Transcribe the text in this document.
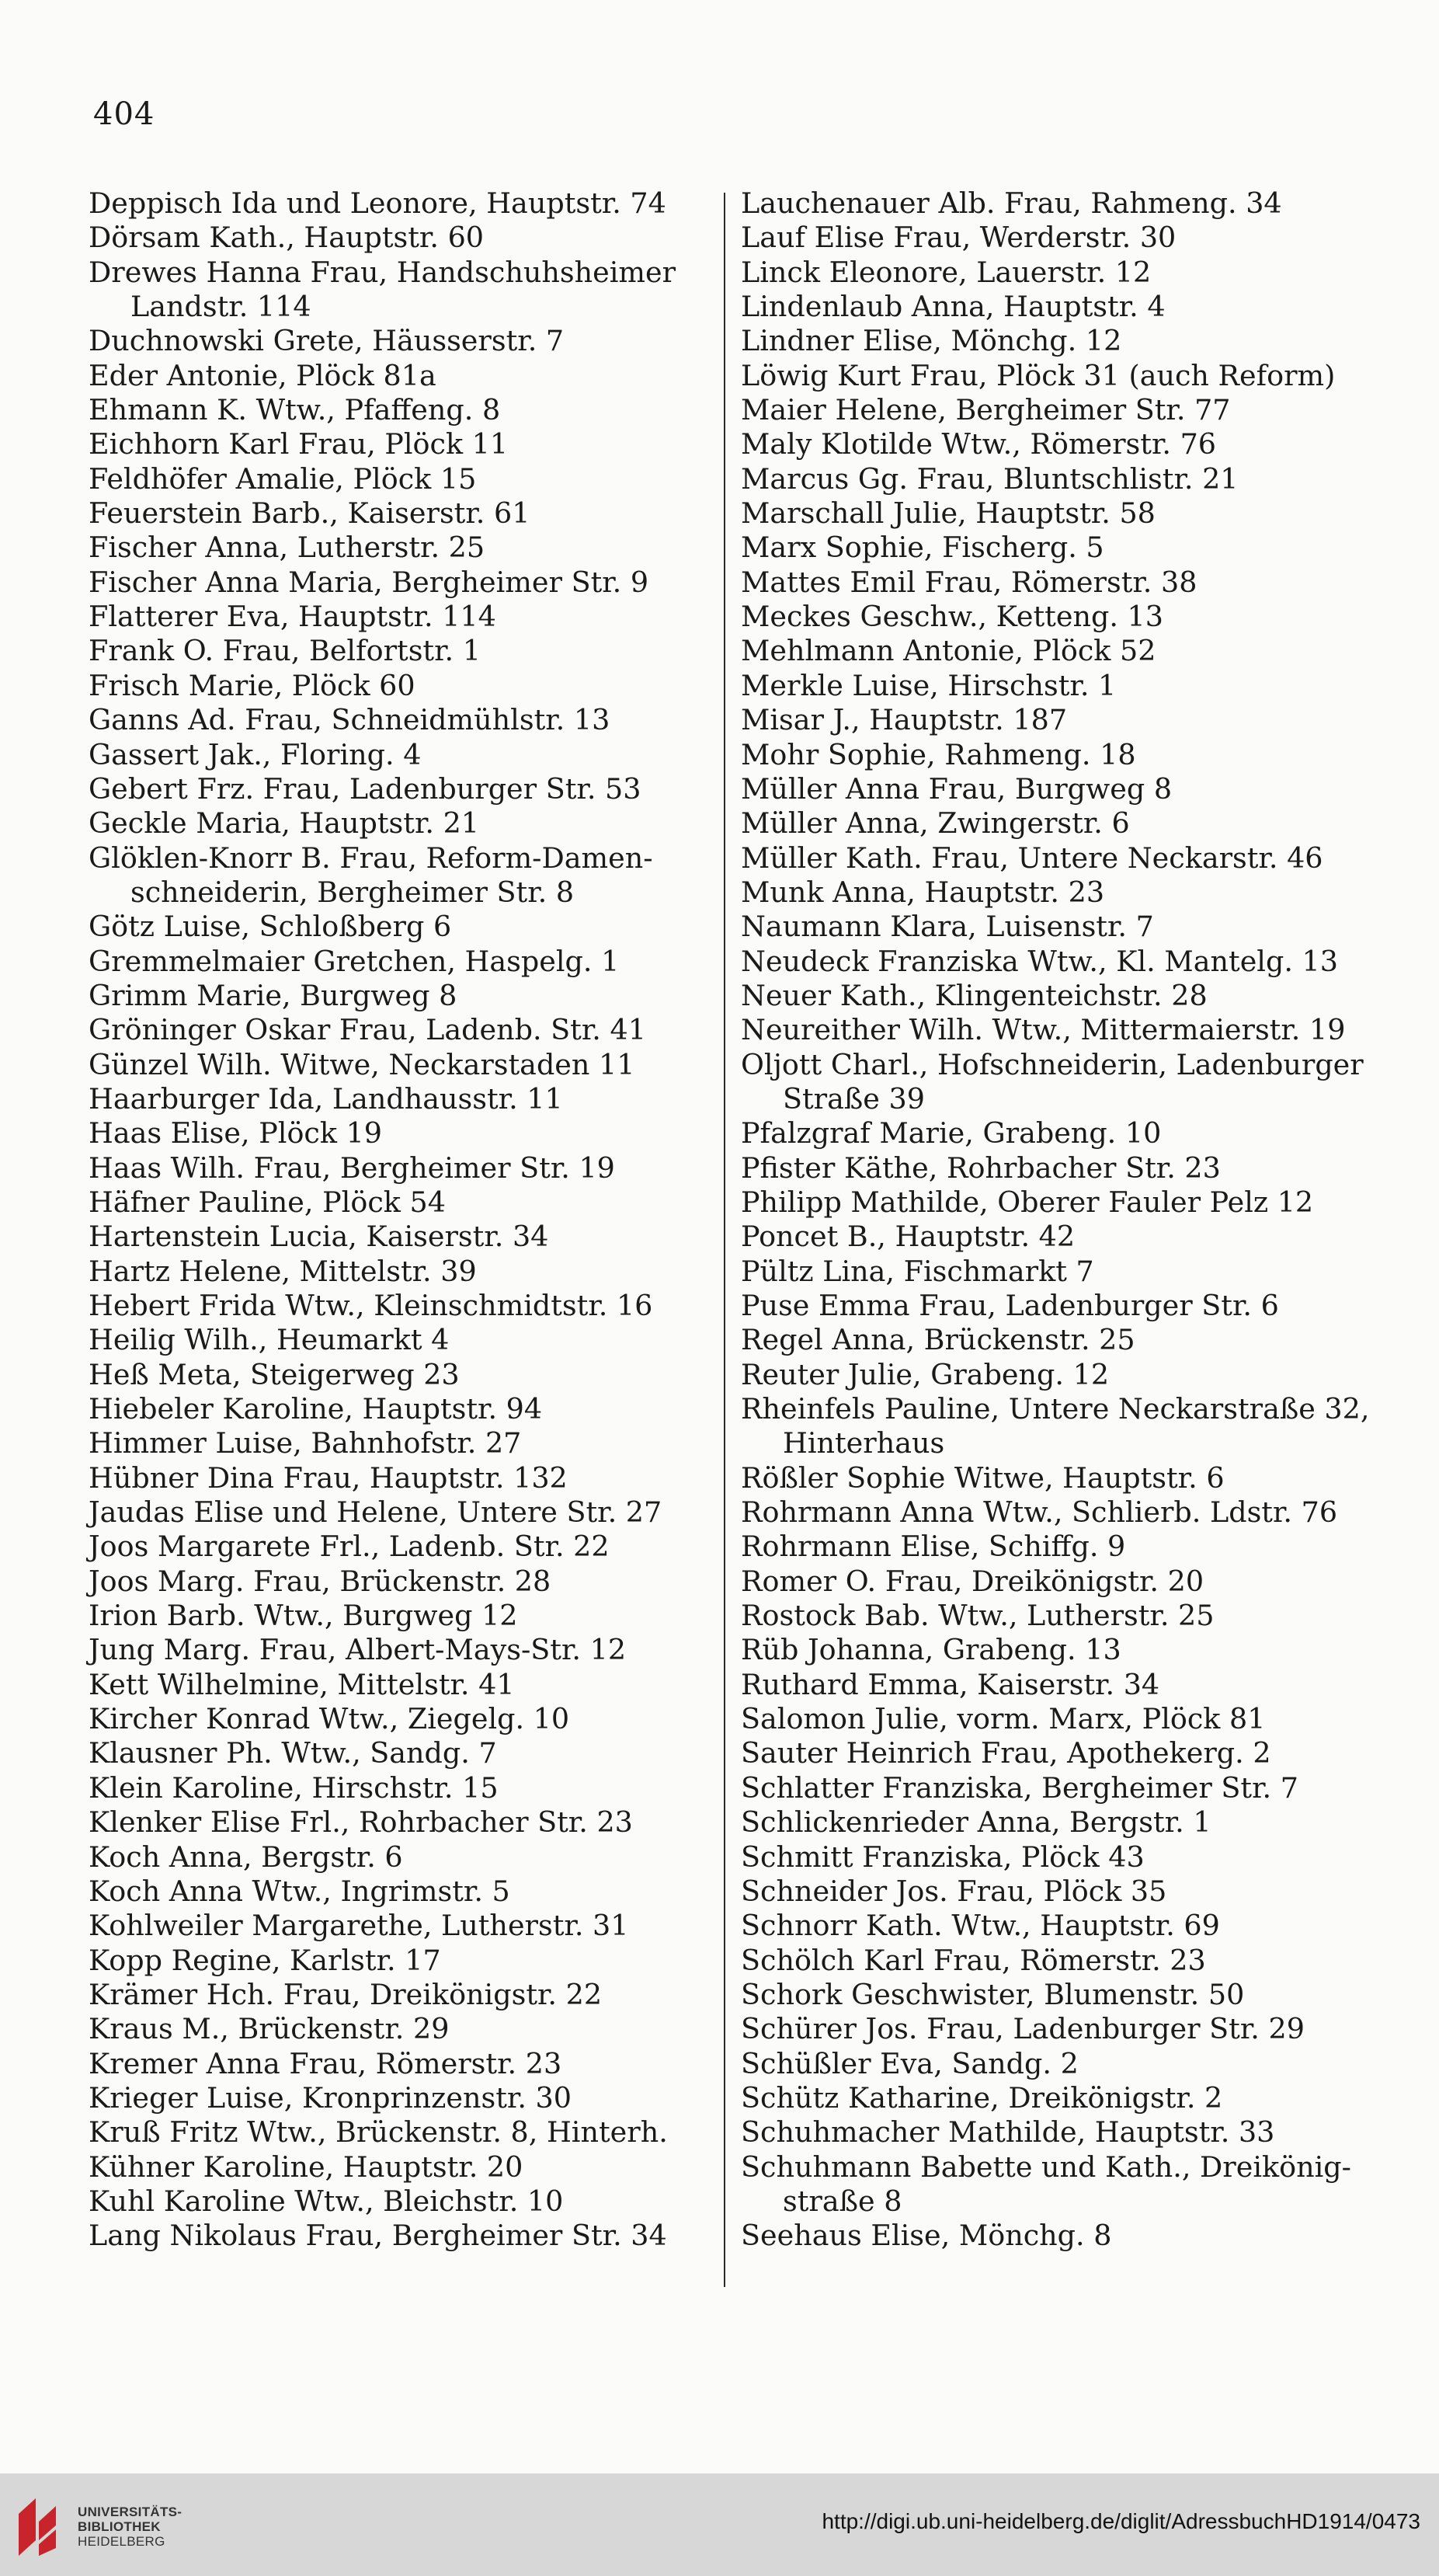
404
Deppisch Ida und Leonore, Hauptstr. 74
Dörsam Kath., Hauptstr. 60
Drewes Hanna Frau, Handschuhsheimer
Landstr. 114
Duchnowski Grete, Häusserstr. 7
Eder Antonie, Plöck 81a
Ehmann K. Wtw., Pfaffeng. 8
Eichhorn Karl Frau, Plöck 11
Feldhöfer Amalie, Plöck 15
Feuerstein Barb., Kaiserstr. 61
Fischer Anna, Lutherstr. 25
Fischer Anna Maria, Bergheimer Str. 9
Flatterer Eva, Hauptstr. 114
Frank O. Frau, Belfortstr. 1
Frisch Marie, Plöck 60
Ganns Ad. Frau, Schneidmühlstr. 13
Gassert Jak., Floring. 4
Gebert Frz. Frau, Ladenburger Str. 53
Geckle Maria, Hauptstr. 21
Glöklen-Knorr B. Frau, Reform-Damen-
schneiderin, Bergheimer Str. 8
Götz Luise, Schloßberg 6
Gremmelmaier Gretchen, Haspelg. 1
Grimm Marie, Burgweg 8
Gröninger Oskar Frau, Ladenb. Str. 41
Günzel Wilh. Witwe, Neckarstaden 11
Haarburger Ida, Landhausstr. 11
Haas Elise, Plöck 19
Haas Wilh. Frau, Bergheimer Str. 19
Häfner Pauline, Plöck 54
Hartenstein Lucia, Kaiserstr. 34
Hartz Helene, Mittelstr. 39
Hebert Frida Wtw., Kleinschmidtstr. 16
Heilig Wilh., Heumarkt 4
Heß Meta, Steigerweg 23
Hiebeler Karoline, Hauptstr. 94
Himmer Luise, Bahnhofstr. 27
Hübner Dina Frau, Hauptstr. 132
Jaudas Elise und Helene, Untere Str. 27
Joos Margarete Frl., Ladenb. Str. 22
Joos Marg. Frau, Brückenstr. 28
Irion Barb. Wtw., Burgweg 12
Jung Marg. Frau, Albert-Mays-Str. 12
Kett Wilhelmine, Mittelstr. 41
Kircher Konrad Wtw., Ziegelg. 10
Klausner Ph. Wtw., Sandg. 7
Klein Karoline, Hirschstr. 15
Klenker Elise Frl., Rohrbacher Str. 23
Koch Anna, Bergstr. 6
Koch Anna Wtw., Ingrimstr. 5
Kohlweiler Margarethe, Lutherstr. 31
Kopp Regine, Karlstr. 17
Krämer Hch. Frau, Dreikönigstr. 22
Kraus M., Brückenstr. 29
Kremer Anna Frau, Römerstr. 23
Krieger Luise, Kronprinzenstr. 30
Kruß Fritz Wtw., Brückenstr. 8, Hinterh.
Kühner Karoline, Hauptstr. 20
Kuhl Karoline Wtw., Bleichstr. 10
Lang Nikolaus Frau, Bergheimer Str. 34
Lauchenauer Alb. Frau, Rahmeng. 34
Lauf Elise Frau, Werderstr. 30
Linck Eleonore, Lauerstr. 12
Lindenlaub Anna, Hauptstr. 4
Lindner Elise, Mönchg. 12
Löwig Kurt Frau, Plöck 31 (auch Reform)
Maier Helene, Bergheimer Str. 77
Maly Klotilde Wtw., Römerstr. 76
Marcus Gg. Frau, Bluntschlistr. 21
Marschall Julie, Hauptstr. 58
Marx Sophie, Fischerg. 5
Mattes Emil Frau, Römerstr. 38
Meckes Geschw., Ketteng. 13
Mehlmann Antonie, Plöck 52
Merkle Luise, Hirschstr. 1
Misar J., Hauptstr. 187
Mohr Sophie, Rahmeng. 18
Müller Anna Frau, Burgweg 8
Müller Anna, Zwingerstr. 6
Müller Kath. Frau, Untere Neckarstr. 46
Munk Anna, Hauptstr. 23
Naumann Klara, Luisenstr. 7
Neudeck Franziska Wtw., Kl. Mantelg. 13
Neuer Kath., Klingenteichstr. 28
Neureither Wilh. Wtw., Mittermaierstr. 19
Oljott Charl., Hofschneiderin, Ladenburger
Straße 39
Pfalzgraf Marie, Grabeng. 10
Pfister Käthe, Rohrbacher Str. 23
Philipp Mathilde, Oberer Fauler Pelz 12
Poncet B., Hauptstr. 42
Pültz Lina, Fischmarkt 7
Puse Emma Frau, Ladenburger Str. 6
Regel Anna, Brückenstr. 25
Reuter Julie, Grabeng. 12
Rheinfels Pauline, Untere Neckarstraße 32,
Hinterhaus
Rößler Sophie Witwe, Hauptstr. 6
Rohrmann Anna Wtw., Schlierb. Ldstr. 76
Rohrmann Elise, Schiffg. 9
Romer O. Frau, Dreikönigstr. 20
Rostock Bab. Wtw., Lutherstr. 25
Rüb Johanna, Grabeng. 13
Ruthard Emma, Kaiserstr. 34
Salomon Julie, vorm. Marx, Plöck 81
Sauter Heinrich Frau, Apothekerg. 2
Schlatter Franziska, Bergheimer Str. 7
Schlickenrieder Anna, Bergstr. 1
Schmitt Franziska, Plöck 43
Schneider Jos. Frau, Plöck 35
Schnorr Kath. Wtw., Hauptstr. 69
Schölch Karl Frau, Römerstr. 23
Schork Geschwister, Blumenstr. 50
Schürer Jos. Frau, Ladenburger Str. 29
Schüßler Eva, Sandg. 2
Schütz Katharine, Dreikönigstr. 2
Schuhmacher Mathilde, Hauptstr. 33
Schuhmann Babette und Kath., Dreikönig-
straße 8
Seehaus Elise, Mönchg. 8
UNIVERSITÄTS-
BIBLIOTHEK
HEIDELBERG
http://digi.ub.uni-heidelberg.de/diglit/AdressbuchHD1914/0473
